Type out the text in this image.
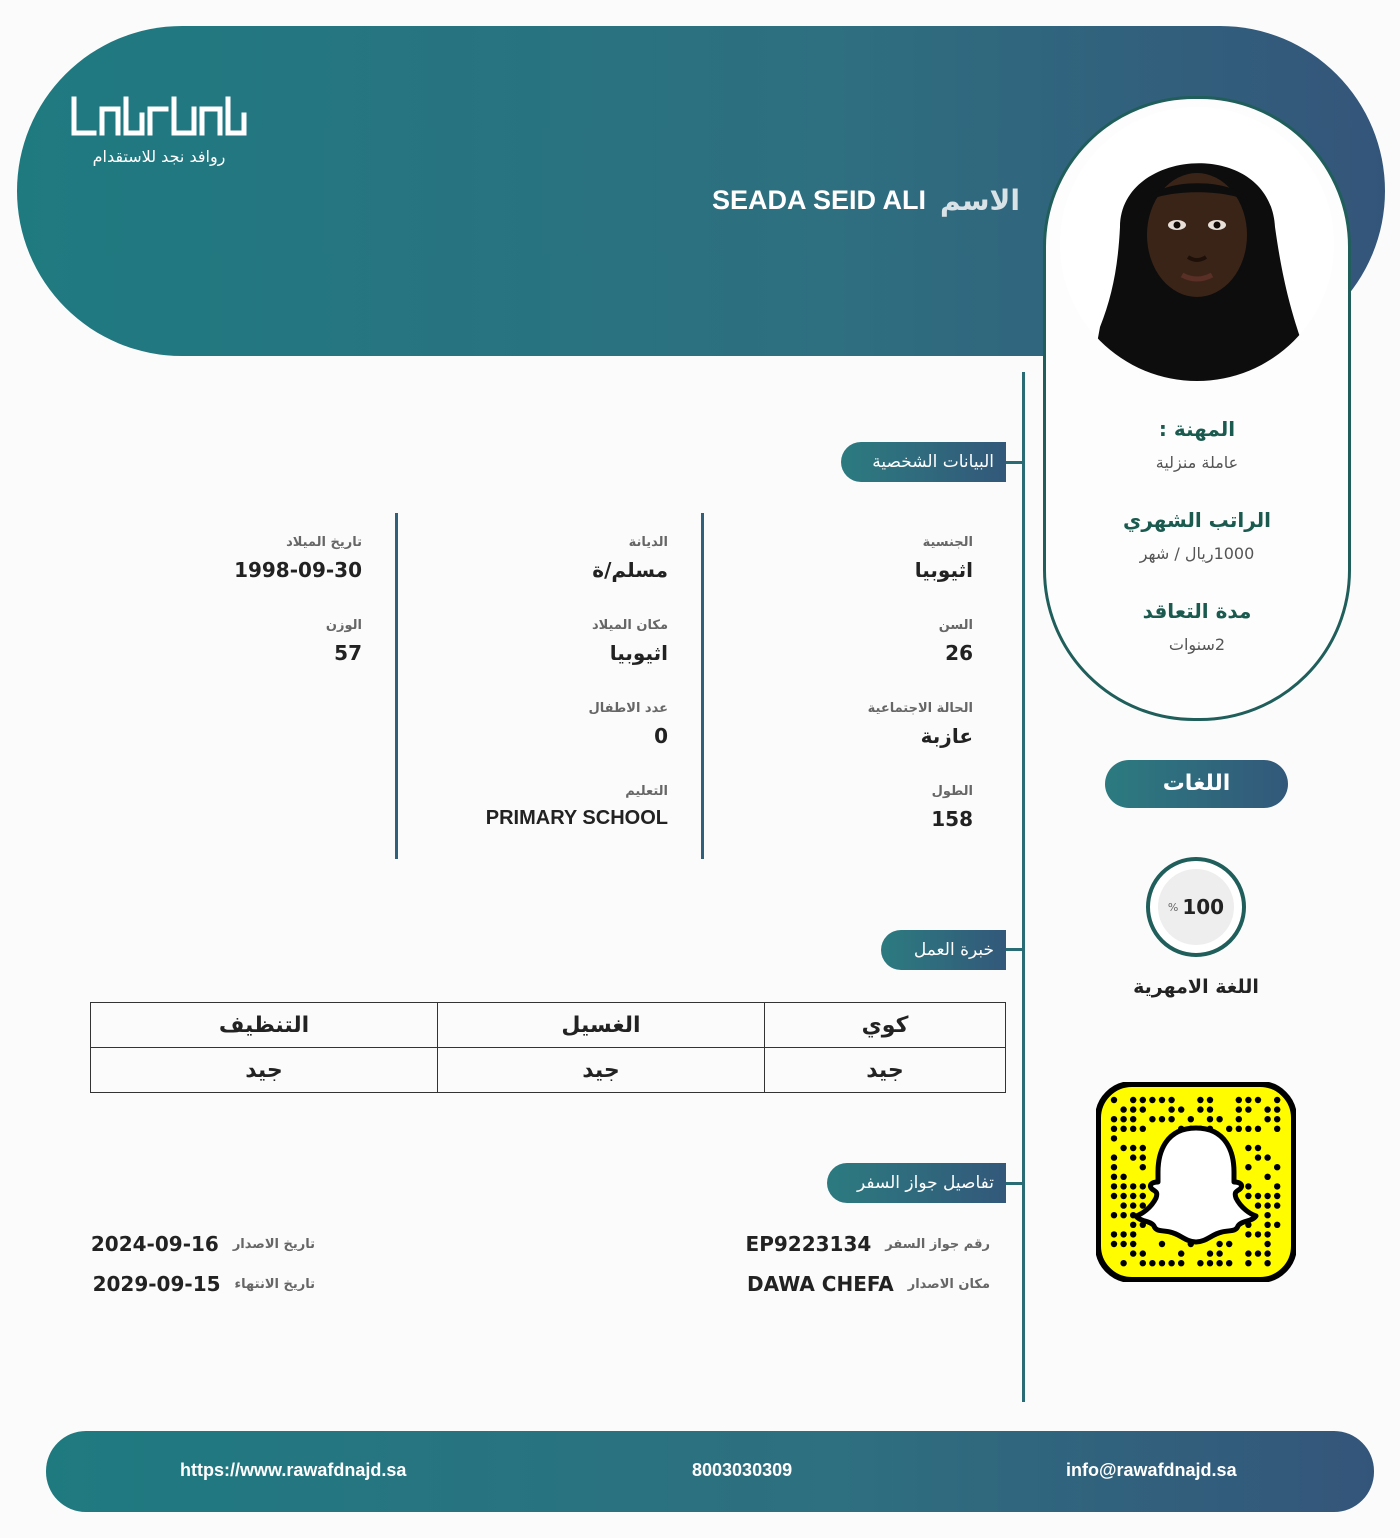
روافد نجد للاستقدام
SEADA SEID ALI الاسم
المهنة :
عاملة منزلية
الراتب الشهري
1000ريال / شهر
مدة التعاقد
2سنوات
البيانات الشخصية
الجنسية
اثيوبيا
السن
26
الحالة الاجتماعية
عازبة
الطول
158
الديانة
مسلم/ة
مكان الميلاد
اثيوبيا
عدد الاطفال
0
التعليم
PRIMARY SCHOOL
تاريخ الميلاد
1998-09-30
الوزن
57
خبرة العمل
كوي	الغسيل	التنظيف
جيد	جيد	جيد
تفاصيل جواز السفر
رقم جواز السفر
EP9223134
مكان الاصدار
DAWA CHEFA
تاريخ الاصدار
2024-09-16
تاريخ الانتهاء
2029-09-15
اللغات
% 100
اللغة الامهرية
https://www.rawafdnajd.sa	8003030309	info@rawafdnajd.sa
